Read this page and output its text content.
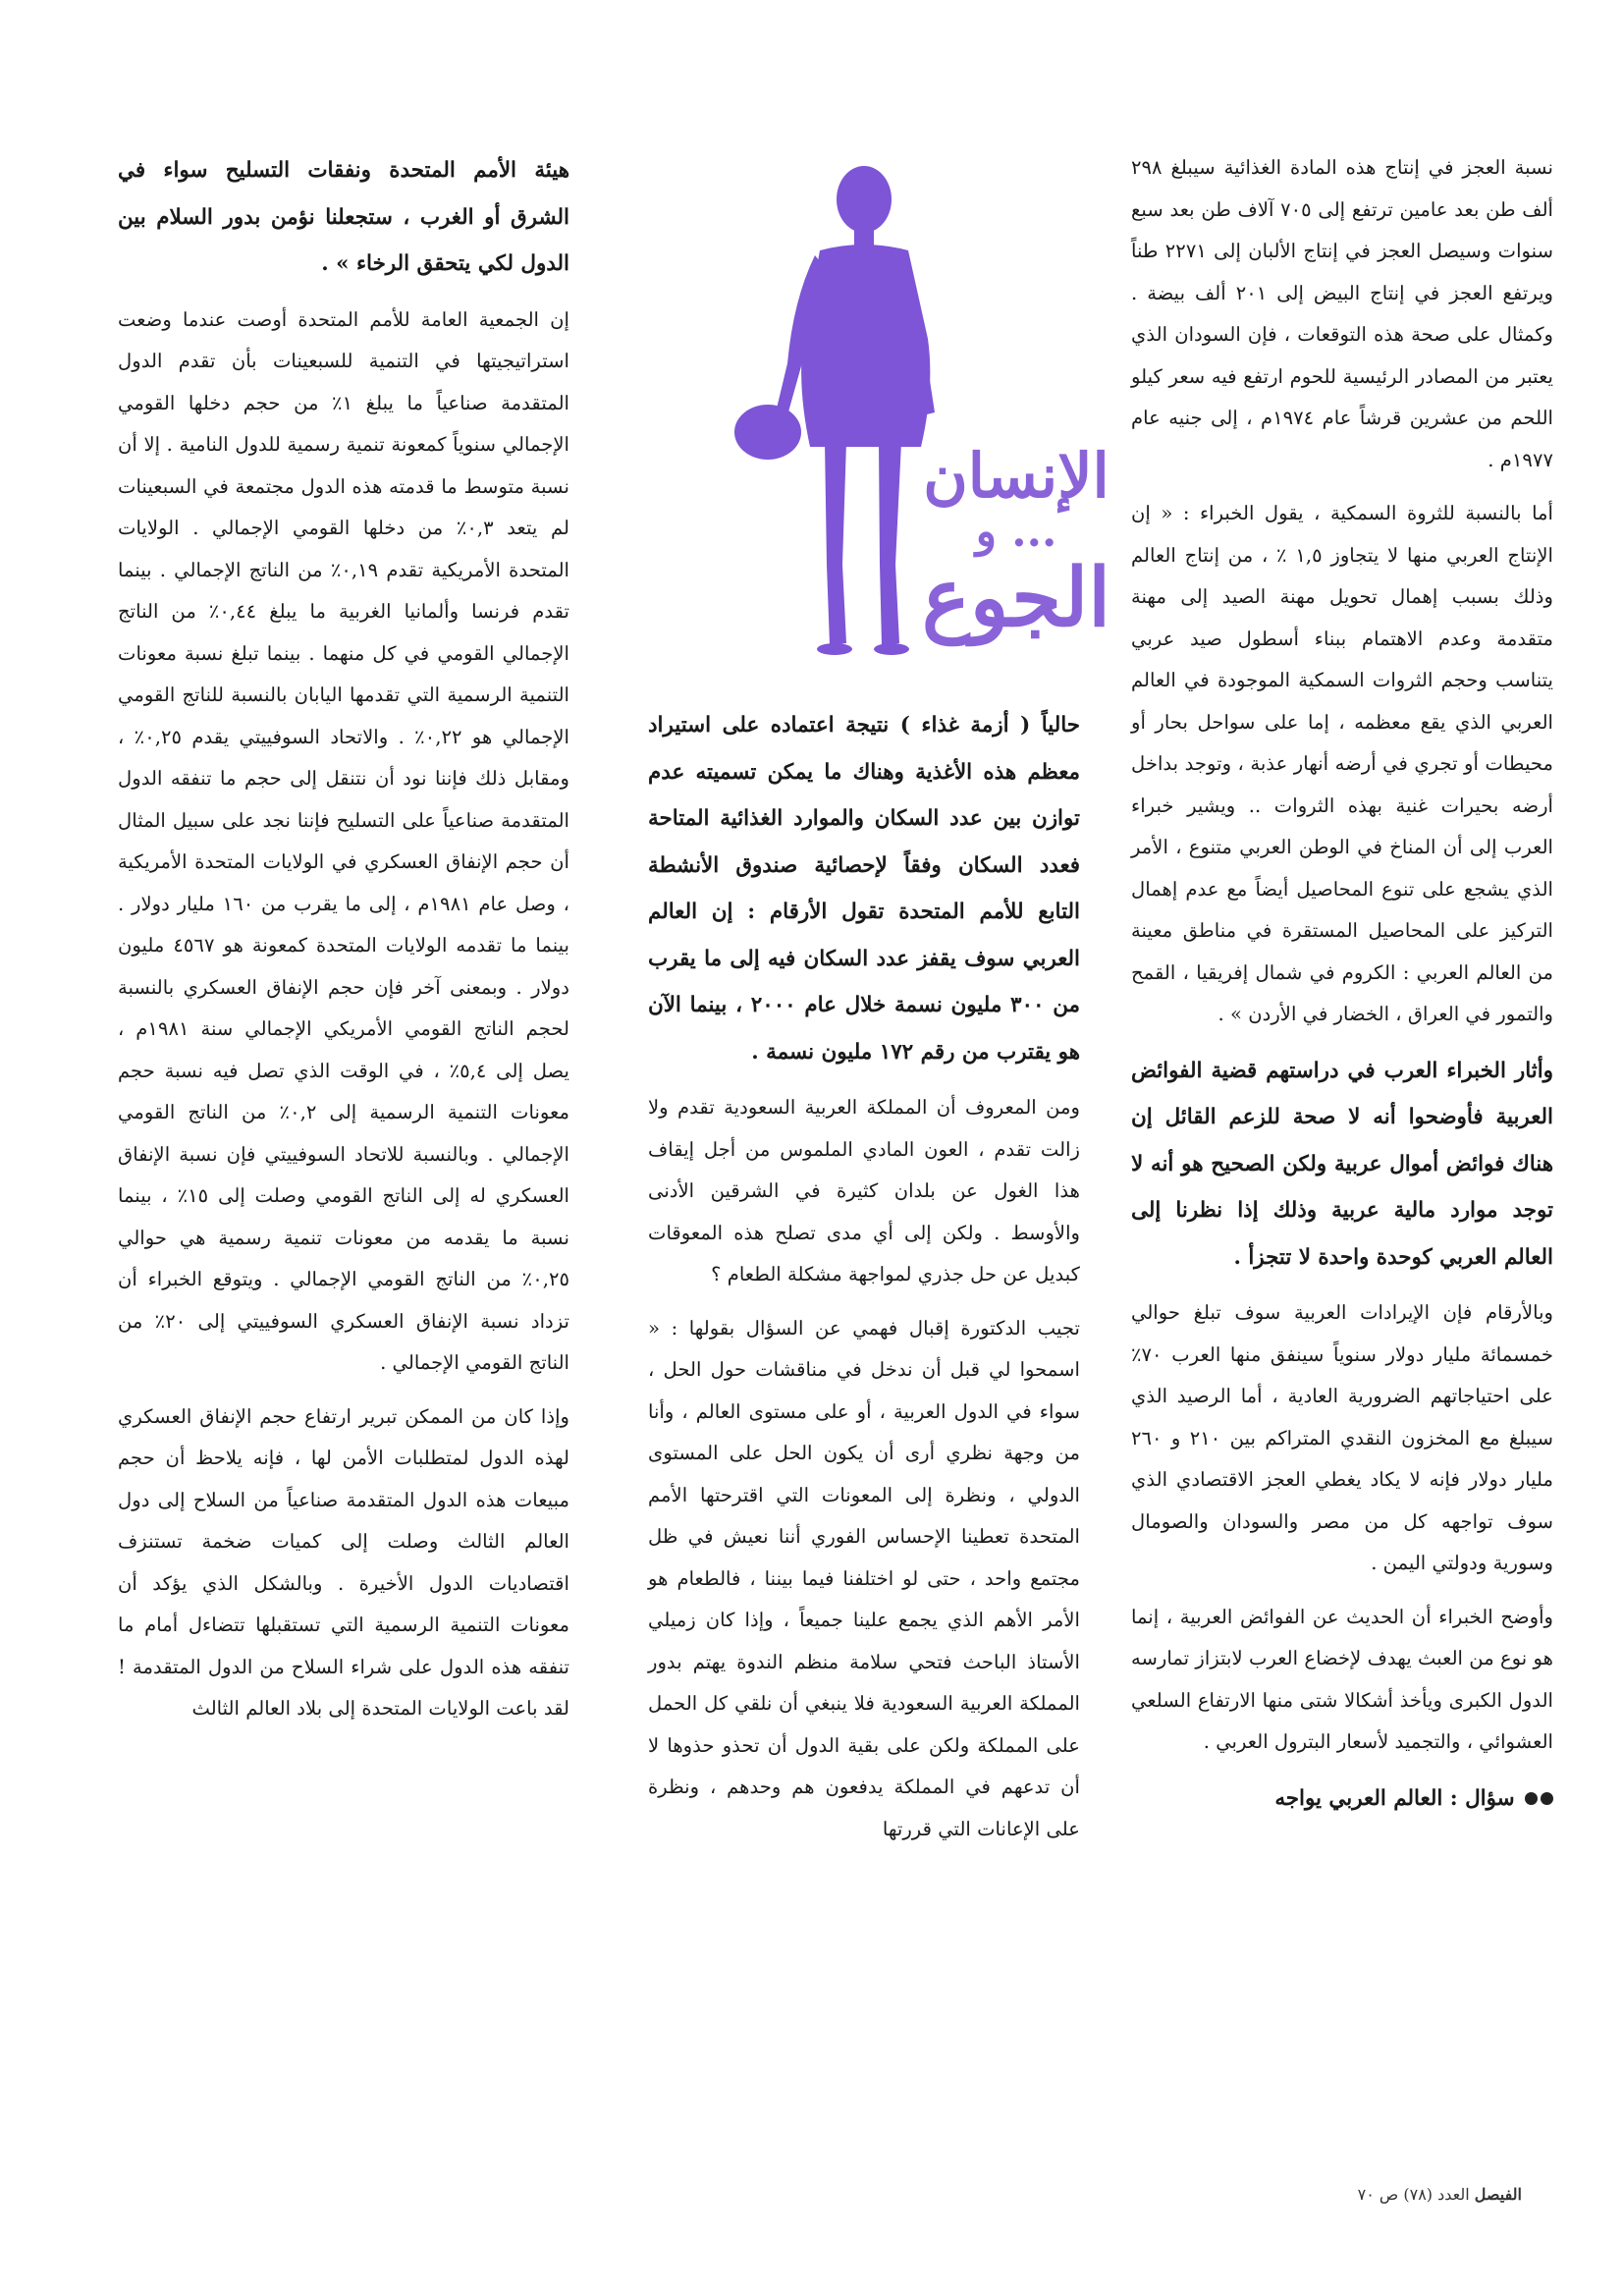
نسبة العجز في إنتاج هذه المادة الغذائية سيبلغ ٢٩٨ ألف طن بعد عامين ترتفع إلى ٧٠٥ آلاف طن بعد سبع سنوات وسيصل العجز في إنتاج الألبان إلى ٢٢٧١ طناً ويرتفع العجز في إنتاج البيض إلى ٢٠١ ألف بيضة . وكمثال على صحة هذه التوقعات ، فإن السودان الذي يعتبر من المصادر الرئيسية للحوم ارتفع فيه سعر كيلو اللحم من عشرين قرشاً عام ١٩٧٤م ، إلى جنيه عام ١٩٧٧م .

أما بالنسبة للثروة السمكية ، يقول الخبراء : « إن الإنتاج العربي منها لا يتجاوز ١,٥ ٪ ، من إنتاج العالم وذلك بسبب إهمال تحويل مهنة الصيد إلى مهنة متقدمة وعدم الاهتمام ببناء أسطول صيد عربي يتناسب وحجم الثروات السمكية الموجودة في العالم العربي الذي يقع معظمه ، إما على سواحل بحار أو محيطات أو تجري في أرضه أنهار عذبة ، وتوجد بداخل أرضه بحيرات غنية بهذه الثروات .. ويشير خبراء العرب إلى أن المناخ في الوطن العربي متنوع ، الأمر الذي يشجع على تنوع المحاصيل أيضاً مع عدم إهمال التركيز على المحاصيل المستقرة في مناطق معينة من العالم العربي : الكروم في شمال إفريقيا ، القمح والتمور في العراق ، الخضار في الأردن » .

وأثار الخبراء العرب في دراستهم قضية الفوائض العربية فأوضحوا أنه لا صحة للزعم القائل إن هناك فوائض أموال عربية ولكن الصحيح هو أنه لا توجد موارد مالية عربية وذلك إذا نظرنا إلى العالم العربي كوحدة واحدة لا تتجزأ .

وبالأرقام فإن الإيرادات العربية سوف تبلغ حوالي خمسمائة مليار دولار سنوياً سينفق منها العرب ٧٠٪ على احتياجاتهم الضرورية العادية ، أما الرصيد الذي سيبلغ مع المخزون النقدي المتراكم بين ٢١٠ و ٢٦٠ مليار دولار فإنه لا يكاد يغطي العجز الاقتصادي الذي سوف تواجهه كل من مصر والسودان والصومال وسورية ودولتي اليمن .

وأوضح الخبراء أن الحديث عن الفوائض العربية ، إنما هو نوع من العبث يهدف لإخضاع العرب لابتزاز تمارسه الدول الكبرى ويأخذ أشكالا شتى منها الارتفاع السلعي العشوائي ، والتجميد لأسعار البترول العربي .

سؤال : العالم العربي يواجه

الإنسان
... و
الجوع

حالياً ( أزمة غذاء ) نتيجة اعتماده على استيراد معظم هذه الأغذية وهناك ما يمكن تسميته عدم توازن بين عدد السكان والموارد الغذائية المتاحة فعدد السكان وفقاً لإحصائية صندوق الأنشطة التابع للأمم المتحدة تقول الأرقام : إن العالم العربي سوف يقفز عدد السكان فيه إلى ما يقرب من ٣٠٠ مليون نسمة خلال عام ٢٠٠٠ ، بينما الآن هو يقترب من رقم ١٧٢ مليون نسمة .

ومن المعروف أن المملكة العربية السعودية تقدم ولا زالت تقدم ، العون المادي الملموس من أجل إيقاف هذا الغول عن بلدان كثيرة في الشرقين الأدنى والأوسط . ولكن إلى أي مدى تصلح هذه المعوقات كبديل عن حل جذري لمواجهة مشكلة الطعام ؟

تجيب الدكتورة إقبال فهمي عن السؤال بقولها : « اسمحوا لي قبل أن ندخل في مناقشات حول الحل ، سواء في الدول العربية ، أو على مستوى العالم ، وأنا من وجهة نظري أرى أن يكون الحل على المستوى الدولي ، ونظرة إلى المعونات التي اقترحتها الأمم المتحدة تعطينا الإحساس الفوري أننا نعيش في ظل مجتمع واحد ، حتى لو اختلفنا فيما بيننا ، فالطعام هو الأمر الأهم الذي يجمع علينا جميعاً ، وإذا كان زميلي الأستاذ الباحث فتحي سلامة منظم الندوة يهتم بدور المملكة العربية السعودية فلا ينبغي أن نلقي كل الحمل على المملكة ولكن على بقية الدول أن تحذو حذوها لا أن تدعهم في المملكة يدفعون هم وحدهم ، ونظرة على الإعانات التي قررتها

هيئة الأمم المتحدة ونفقات التسليح سواء في الشرق أو الغرب ، ستجعلنا نؤمن بدور السلام بين الدول لكي يتحقق الرخاء » .

إن الجمعية العامة للأمم المتحدة أوصت عندما وضعت استراتيجيتها في التنمية للسبعينات بأن تقدم الدول المتقدمة صناعياً ما يبلغ ١٪ من حجم دخلها القومي الإجمالي سنوياً كمعونة تنمية رسمية للدول النامية . إلا أن نسبة متوسط ما قدمته هذه الدول مجتمعة في السبعينات لم يتعد ٠,٣٪ من دخلها القومي الإجمالي . الولايات المتحدة الأمريكية تقدم ٠,١٩٪ من الناتج الإجمالي . بينما تقدم فرنسا وألمانيا الغربية ما يبلغ ٠,٤٤٪ من الناتج الإجمالي القومي في كل منهما . بينما تبلغ نسبة معونات التنمية الرسمية التي تقدمها اليابان بالنسبة للناتج القومي الإجمالي هو ٠,٢٢٪ . والاتحاد السوفييتي يقدم ٠,٢٥٪ ، ومقابل ذلك فإننا نود أن نتنقل إلى حجم ما تنفقه الدول المتقدمة صناعياً على التسليح فإننا نجد على سبيل المثال أن حجم الإنفاق العسكري في الولايات المتحدة الأمريكية ، وصل عام ١٩٨١م ، إلى ما يقرب من ١٦٠ مليار دولار . بينما ما تقدمه الولايات المتحدة كمعونة هو ٤٥٦٧ مليون دولار . وبمعنى آخر فإن حجم الإنفاق العسكري بالنسبة لحجم الناتج القومي الأمريكي الإجمالي سنة ١٩٨١م ، يصل إلى ٥,٤٪ ، في الوقت الذي تصل فيه نسبة حجم معونات التنمية الرسمية إلى ٠,٢٪ من الناتج القومي الإجمالي . وبالنسبة للاتحاد السوفييتي فإن نسبة الإنفاق العسكري له إلى الناتج القومي وصلت إلى ١٥٪ ، بينما نسبة ما يقدمه من معونات تنمية رسمية هي حوالي ٠,٢٥٪ من الناتج القومي الإجمالي . ويتوقع الخبراء أن تزداد نسبة الإنفاق العسكري السوفييتي إلى ٢٠٪ من الناتج القومي الإجمالي .

وإذا كان من الممكن تبرير ارتفاع حجم الإنفاق العسكري لهذه الدول لمتطلبات الأمن لها ، فإنه يلاحظ أن حجم مبيعات هذه الدول المتقدمة صناعياً من السلاح إلى دول العالم الثالث وصلت إلى كميات ضخمة تستنزف اقتصاديات الدول الأخيرة . وبالشكل الذي يؤكد أن معونات التنمية الرسمية التي تستقبلها تتضاءل أمام ما تنفقه هذه الدول على شراء السلاح من الدول المتقدمة ! لقد باعت الولايات المتحدة إلى بلاد العالم الثالث

الفيصل العدد (٧٨) ص ٧٠
